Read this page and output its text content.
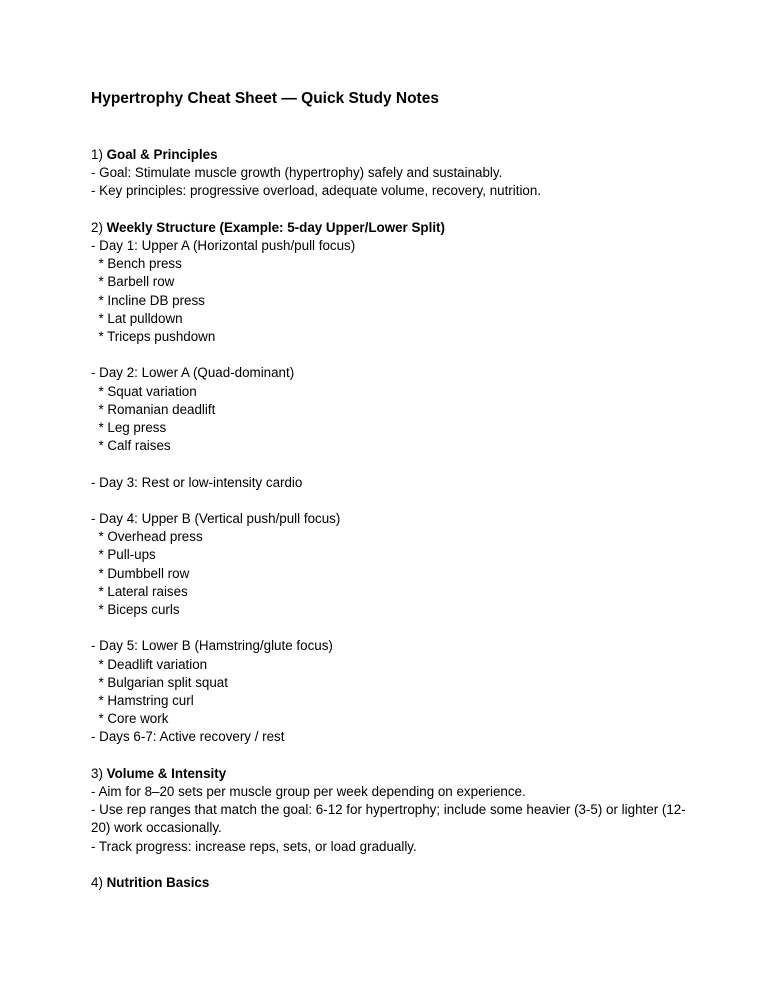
Hypertrophy Cheat Sheet — Quick Study Notes
1) Goal & Principles
- Goal: Stimulate muscle growth (hypertrophy) safely and sustainably.
- Key principles: progressive overload, adequate volume, recovery, nutrition.
2) Weekly Structure (Example: 5-day Upper/Lower Split)
- Day 1: Upper A (Horizontal push/pull focus)
* Bench press
* Barbell row
* Incline DB press
* Lat pulldown
* Triceps pushdown
- Day 2: Lower A (Quad-dominant)
* Squat variation
* Romanian deadlift
* Leg press
* Calf raises
- Day 3: Rest or low-intensity cardio
- Day 4: Upper B (Vertical push/pull focus)
* Overhead press
* Pull-ups
* Dumbbell row
* Lateral raises
* Biceps curls
- Day 5: Lower B (Hamstring/glute focus)
* Deadlift variation
* Bulgarian split squat
* Hamstring curl
* Core work
- Days 6-7: Active recovery / rest
3) Volume & Intensity
- Aim for 8–20 sets per muscle group per week depending on experience.
- Use rep ranges that match the goal: 6-12 for hypertrophy; include some heavier (3-5) or lighter (12-20) work occasionally.
- Track progress: increase reps, sets, or load gradually.
4) Nutrition Basics
